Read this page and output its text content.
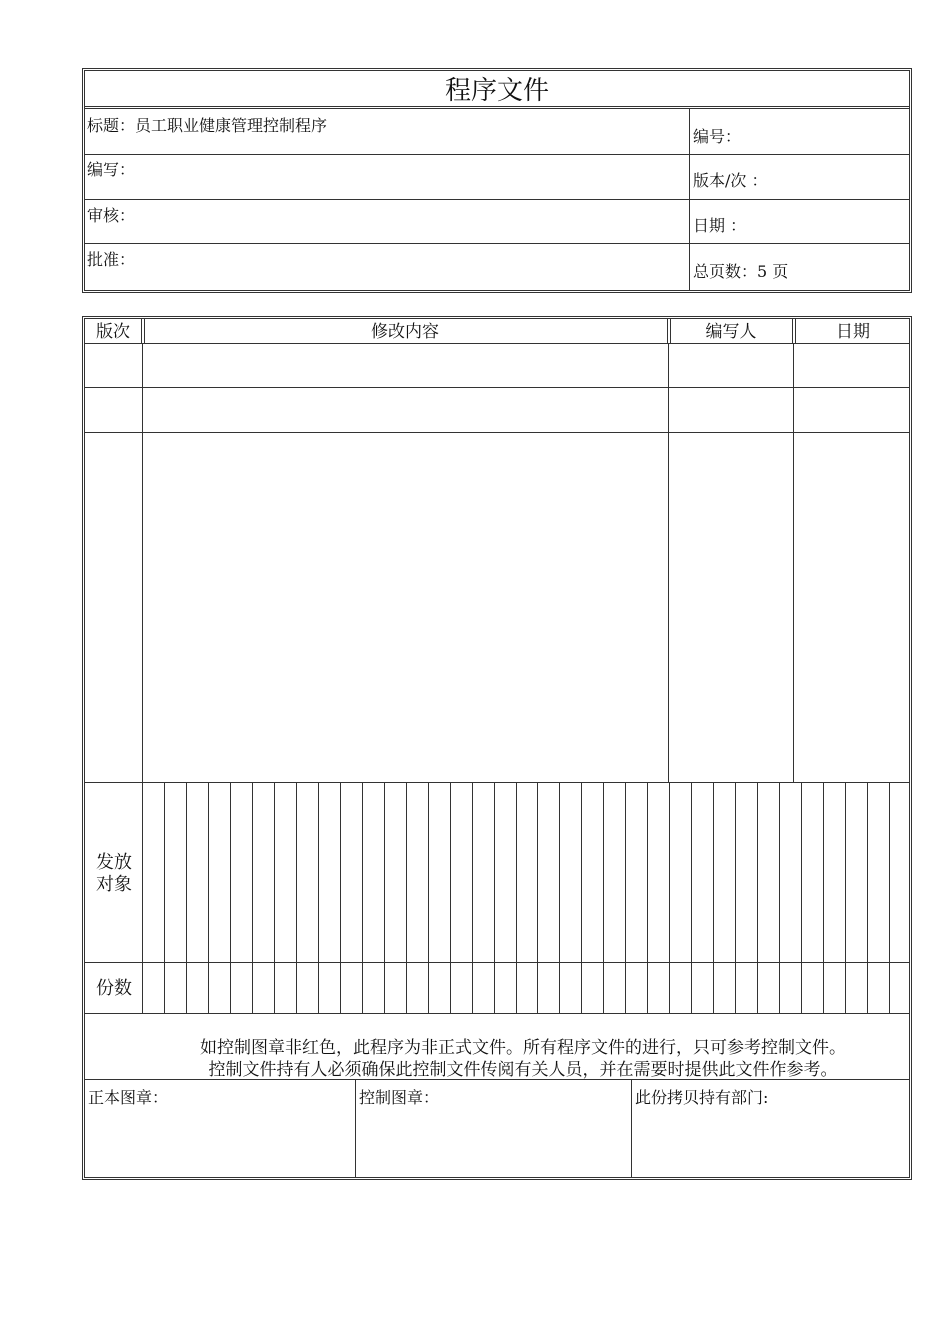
程序文件
标题：员工职业健康管理控制程序
编号：
编写：
版本/次 ：
审核：
日期 ：
批准：
总页数：5 页
版次	修改内容	编写人	日期
发放对象
份数
如控制图章非红色，此程序为非正式文件。所有程序文件的进行，只可参考控制文件。
控制文件持有人必须确保此控制文件传阅有关人员，并在需要时提供此文件作参考。
正本图章：	控制图章：	此份拷贝持有部门:
